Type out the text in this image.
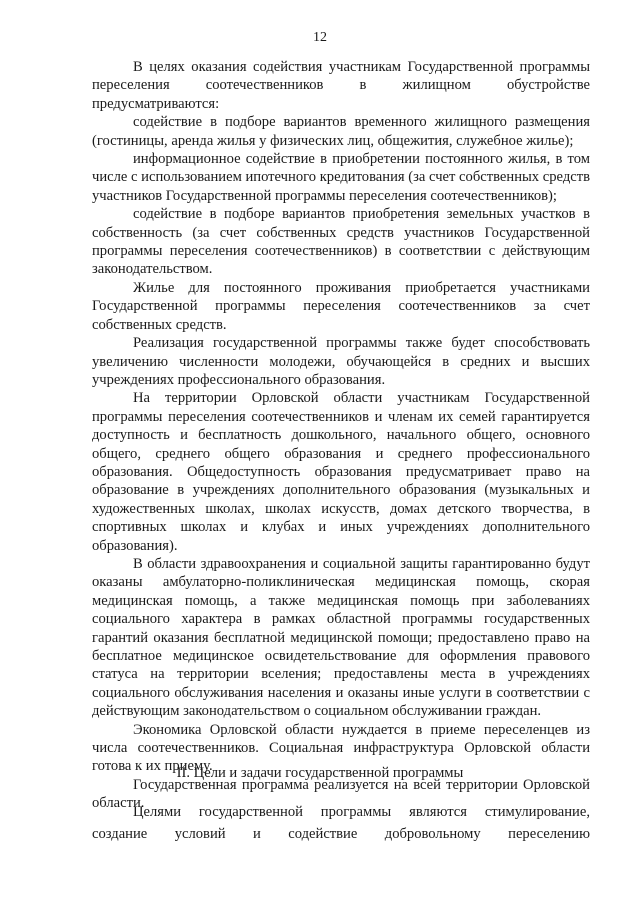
12

В целях оказания содействия участникам Государственной программы переселения соотечественников в жилищном обустройстве предусматриваются:

содействие в подборе вариантов временного жилищного размещения (гостиницы, аренда жилья у физических лиц, общежития, служебное жилье);

информационное содействие в приобретении постоянного жилья, в том числе с использованием ипотечного кредитования (за счет собственных средств участников Государственной программы переселения соотечественников);

содействие в подборе вариантов приобретения земельных участков в собственность (за счет собственных средств участников Государственной программы переселения соотечественников) в соответствии с действующим законодательством.

Жилье для постоянного проживания приобретается участниками Государственной программы переселения соотечественников за счет собственных средств.

Реализация государственной программы также будет способствовать увеличению численности молодежи, обучающейся в средних и высших учреждениях профессионального образования.

На территории Орловской области участникам Государственной программы переселения соотечественников и членам их семей гарантируется доступность и бесплатность дошкольного, начального общего, основного общего, среднего общего образования и среднего профессионального образования. Общедоступность образования предусматривает право на образование в учреждениях дополнительного образования (музыкальных и художественных школах, школах искусств, домах детского творчества, в спортивных школах и клубах и иных учреждениях дополнительного образования).

В области здравоохранения и социальной защиты гарантированно будут оказаны амбулаторно-поликлиническая медицинская помощь, скорая медицинская помощь, а также медицинская помощь при заболеваниях социального характера в рамках областной программы государственных гарантий оказания бесплатной медицинской помощи; предоставлено право на бесплатное медицинское освидетельствование для оформления правового статуса на территории вселения; предоставлены места в учреждениях социального обслуживания населения и оказаны иные услуги в соответствии с действующим законодательством о социальном обслуживании граждан.

Экономика Орловской области нуждается в приеме переселенцев из числа соотечественников. Социальная инфраструктура Орловской области готова к их приему.

Государственная программа реализуется на всей территории Орловской области.

II. Цели и задачи государственной программы

Целями государственной программы являются стимулирование, создание условий и содействие добровольному переселению
